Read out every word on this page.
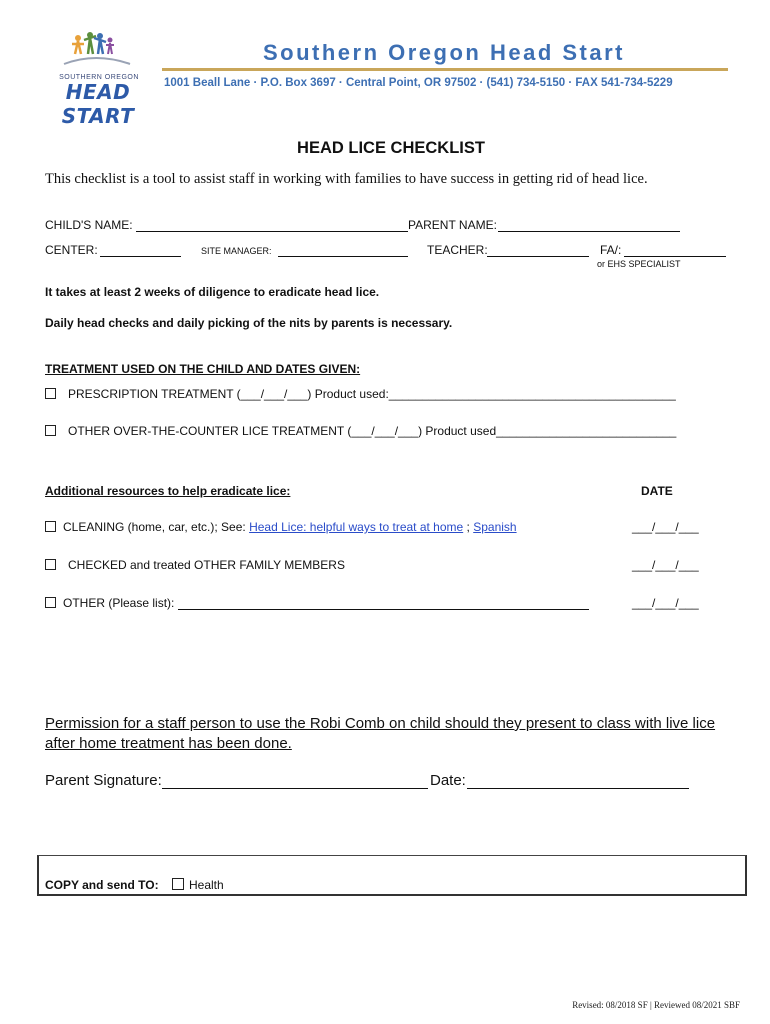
SOUTHERN OREGON
HEAD START
Southern Oregon Head Start
1001 Beall Lane · P.O. Box 3697 · Central Point, OR 97502 · (541) 734-5150 · FAX 541-734-5229
HEAD LICE CHECKLIST
This checklist is a tool to assist staff in working with families to have success in getting rid of head lice.
CHILD'S NAME:	PARENT NAME:
CENTER:	SITE MANAGER:	TEACHER:	FA/:
or EHS SPECIALIST
It takes at least 2 weeks of diligence to eradicate head lice.
Daily head checks and daily picking of the nits by parents is necessary.
TREATMENT USED ON THE CHILD AND DATES GIVEN:
PRESCRIPTION TREATMENT (___/___/___) Product used:___________________________________________
OTHER OVER-THE-COUNTER LICE TREATMENT (___/___/___) Product used___________________________
Additional resources to help eradicate lice:	DATE
CLEANING (home, car, etc.); See: Head Lice: helpful ways to treat at home ; Spanish	___/___/___
CHECKED and treated OTHER FAMILY MEMBERS	___/___/___
OTHER (Please list):	___/___/___
Permission for a staff person to use the Robi Comb on child should they present to class with live lice
after home treatment has been done.
Parent Signature:	Date:
COPY and send TO:	Health
Revised: 08/2018 SF | Reviewed 08/2021 SBF
